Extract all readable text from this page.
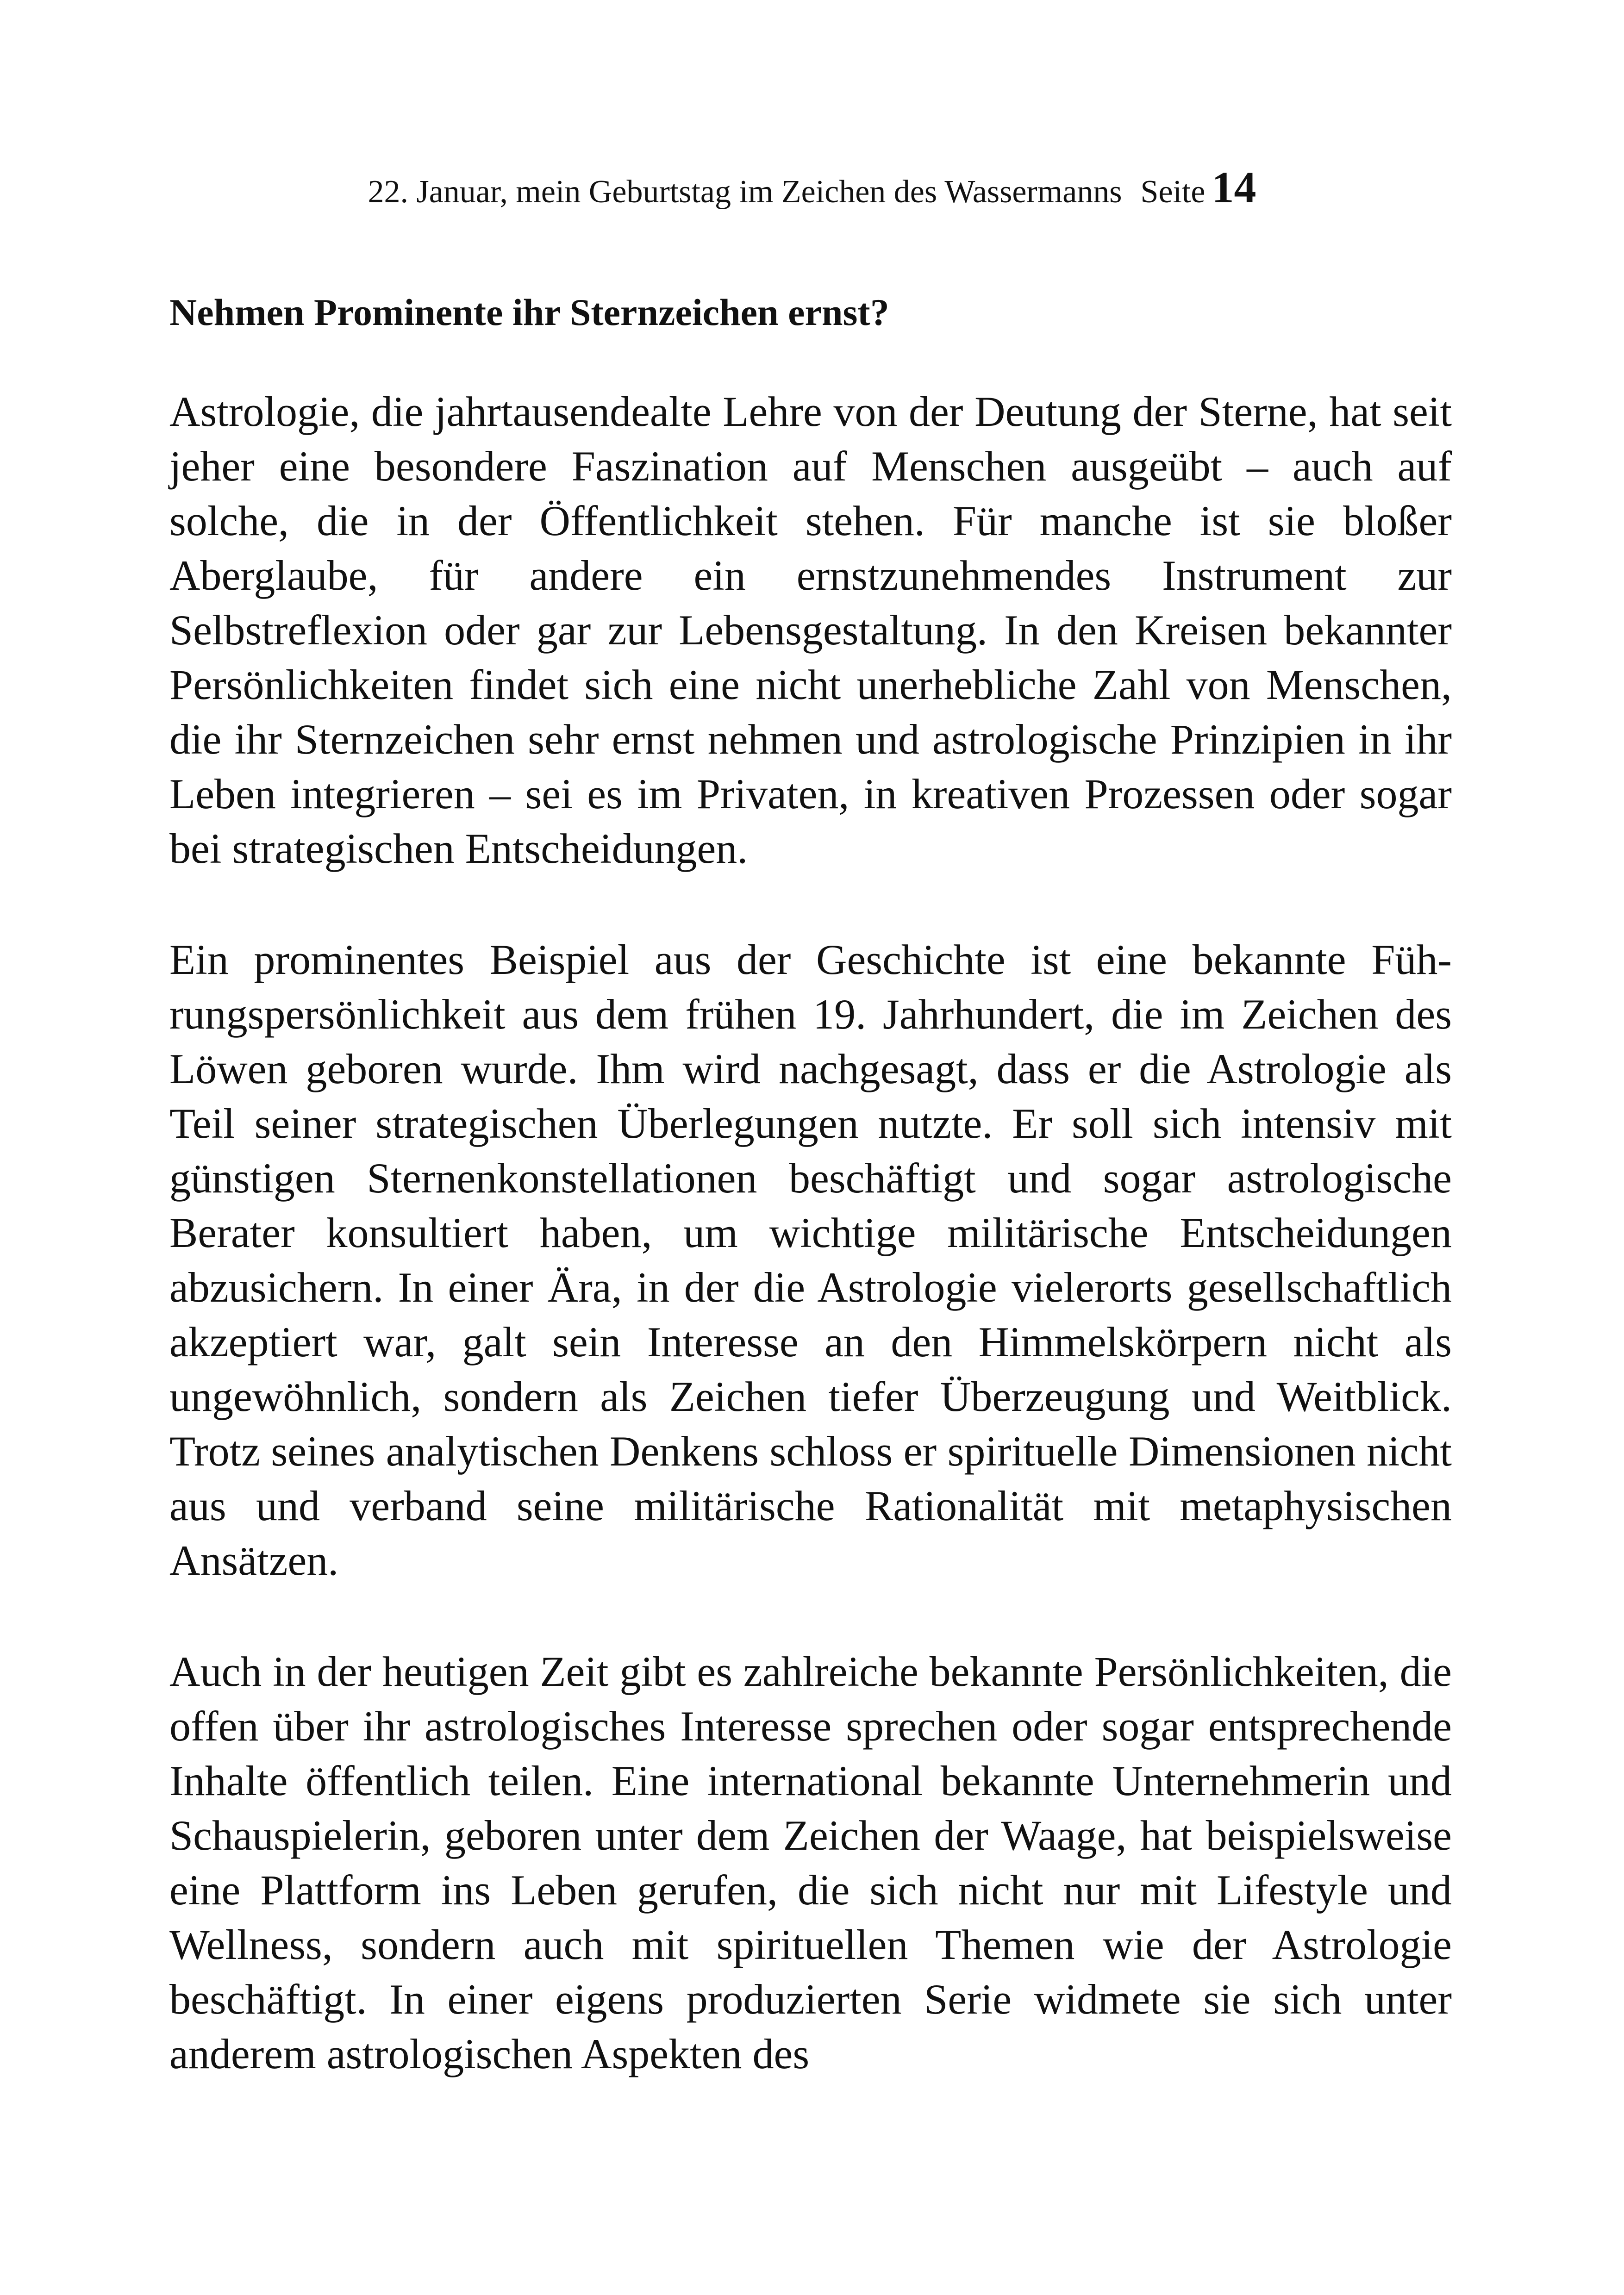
22. Januar, mein Geburtstag im Zeichen des Wassermanns Seite 14
Nehmen Prominente ihr Sternzeichen ernst?

Astrologie, die jahrtausendealte Lehre von der Deutung der Sterne, hat seit jeher eine besondere Faszination auf Menschen ausgeübt – auch auf solche, die in der Öffentlichkeit stehen. Für manche ist sie bloßer Aberglaube, für andere ein ernstzunehmendes Instrument zur Selbstreflexion oder gar zur Lebensgestaltung. In den Kreisen bekannter Persönlichkeiten findet sich eine nicht unerhebliche Zahl von Menschen, die ihr Sternzeichen sehr ernst nehmen und astrologische Prinzipien in ihr Leben integrieren – sei es im Privaten, in kreativen Prozessen oder sogar bei strategischen Entscheidungen.

Ein prominentes Beispiel aus der Geschichte ist eine bekannte Führungspersönlichkeit aus dem frühen 19. Jahrhundert, die im Zeichen des Löwen geboren wurde. Ihm wird nachgesagt, dass er die Astrologie als Teil seiner strategischen Überlegungen nutzte. Er soll sich intensiv mit günstigen Sternenkonstellationen beschäftigt und sogar astrologische Berater konsultiert haben, um wichtige militärische Entscheidungen abzusichern. In einer Ära, in der die Astrologie vielerorts gesellschaftlich akzeptiert war, galt sein Interesse an den Himmelskörpern nicht als ungewöhnlich, sondern als Zeichen tiefer Überzeugung und Weitblick. Trotz seines analytischen Denkens schloss er spirituelle Dimensionen nicht aus und verband seine militärische Rationalität mit metaphysischen Ansätzen.

Auch in der heutigen Zeit gibt es zahlreiche bekannte Persönlichkeiten, die offen über ihr astrologisches Interesse sprechen oder sogar entsprechende Inhalte öffentlich teilen. Eine international bekannte Unternehmerin und Schauspielerin, geboren unter dem Zeichen der Waage, hat beispielsweise eine Plattform ins Leben gerufen, die sich nicht nur mit Lifestyle und Wellness, sondern auch mit spirituellen Themen wie der Astrologie beschäftigt. In einer eigens produzierten Serie widmete sie sich unter anderem astrologischen Aspekten des
